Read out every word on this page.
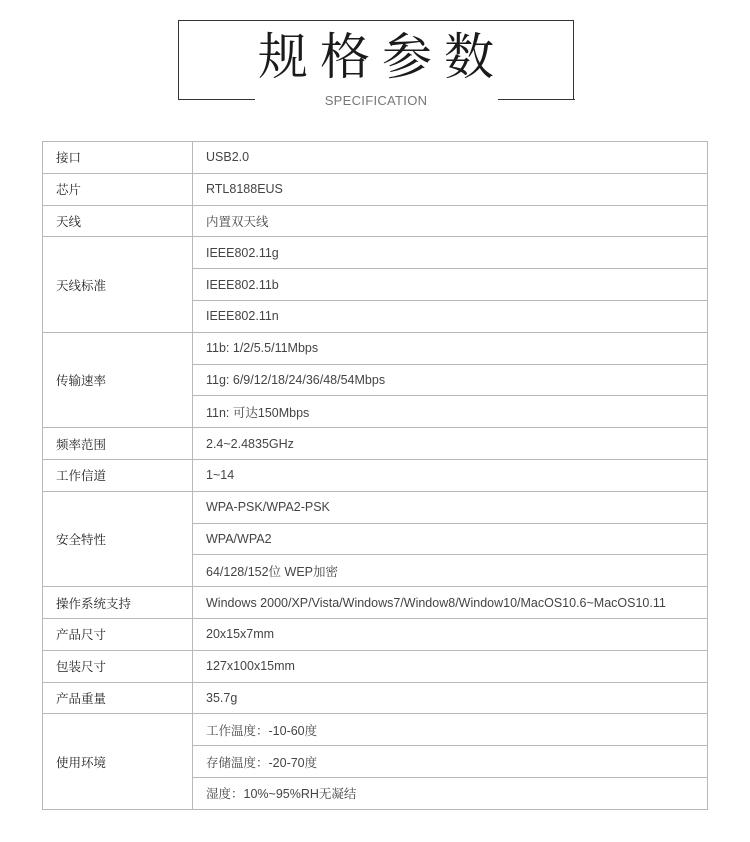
规格参数
SPECIFICATION
接口	USB2.0
芯片	RTL8188EUS
天线	内置双天线
天线标准	IEEE802.11g
	IEEE802.11b
	IEEE802.11n
传输速率	11b: 1/2/5.5/11Mbps
	11g: 6/9/12/18/24/36/48/54Mbps
	11n: 可达150Mbps
频率范围	2.4~2.4835GHz
工作信道	1~14
安全特性	WPA-PSK/WPA2-PSK
	WPA/WPA2
	64/128/152位 WEP加密
操作系统支持	Windows 2000/XP/Vista/Windows7/Window8/Window10/MacOS10.6~MacOS10.11
产品尺寸	20x15x7mm
包装尺寸	127x100x15mm
产品重量	35.7g
使用环境	工作温度：-10-60度
	存储温度：-20-70度
	湿度：10%~95%RH无凝结
